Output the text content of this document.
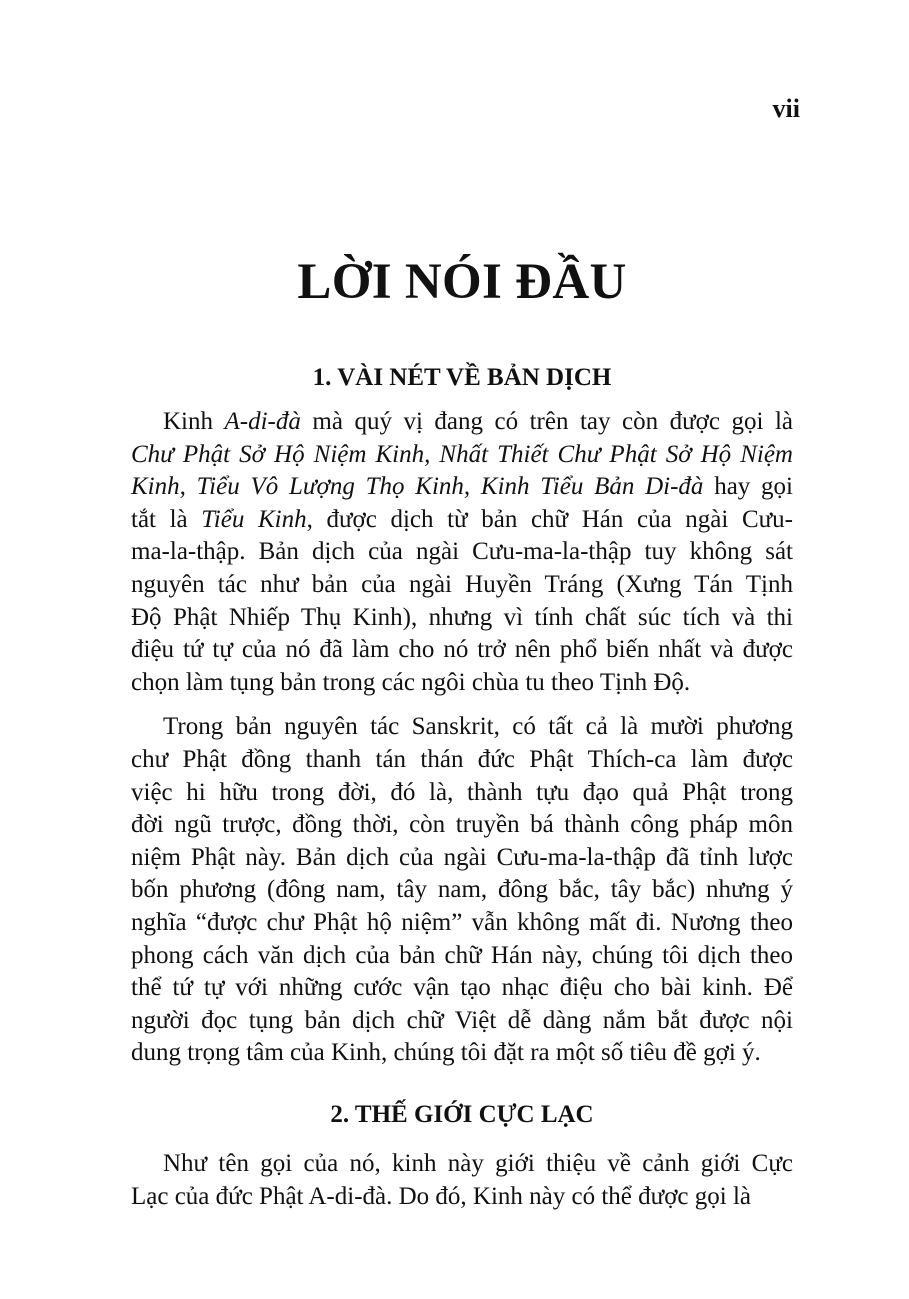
vii
LỜI NÓI ĐẦU
1. VÀI NÉT VỀ BẢN DỊCH
Kinh A-di-đà mà quý vị đang có trên tay còn được gọi là
Chư Phật Sở Hộ Niệm Kinh, Nhất Thiết Chư Phật Sở Hộ Niệm
Kinh, Tiểu Vô Lượng Thọ Kinh, Kinh Tiểu Bản Di-đà hay gọi
tắt là Tiểu Kinh, được dịch từ bản chữ Hán của ngài Cưu-
ma-la-thập. Bản dịch của ngài Cưu-ma-la-thập tuy không sát
nguyên tác như bản của ngài Huyền Tráng (Xưng Tán Tịnh
Độ Phật Nhiếp Thụ Kinh), nhưng vì tính chất súc tích và thi
điệu tứ tự của nó đã làm cho nó trở nên phổ biến nhất và được
chọn làm tụng bản trong các ngôi chùa tu theo Tịnh Độ.
Trong bản nguyên tác Sanskrit, có tất cả là mười phương
chư Phật đồng thanh tán thán đức Phật Thích-ca làm được
việc hi hữu trong đời, đó là, thành tựu đạo quả Phật trong
đời ngũ trược, đồng thời, còn truyền bá thành công pháp môn
niệm Phật này. Bản dịch của ngài Cưu-ma-la-thập đã tỉnh lược
bốn phương (đông nam, tây nam, đông bắc, tây bắc) nhưng ý
nghĩa “được chư Phật hộ niệm” vẫn không mất đi. Nương theo
phong cách văn dịch của bản chữ Hán này, chúng tôi dịch theo
thể tứ tự với những cước vận tạo nhạc điệu cho bài kinh. Để
người đọc tụng bản dịch chữ Việt dễ dàng nắm bắt được nội
dung trọng tâm của Kinh, chúng tôi đặt ra một số tiêu đề gợi ý.
2. THẾ GIỚI CỰC LẠC
Như tên gọi của nó, kinh này giới thiệu về cảnh giới Cực
Lạc của đức Phật A-di-đà. Do đó, Kinh này có thể được gọi là
